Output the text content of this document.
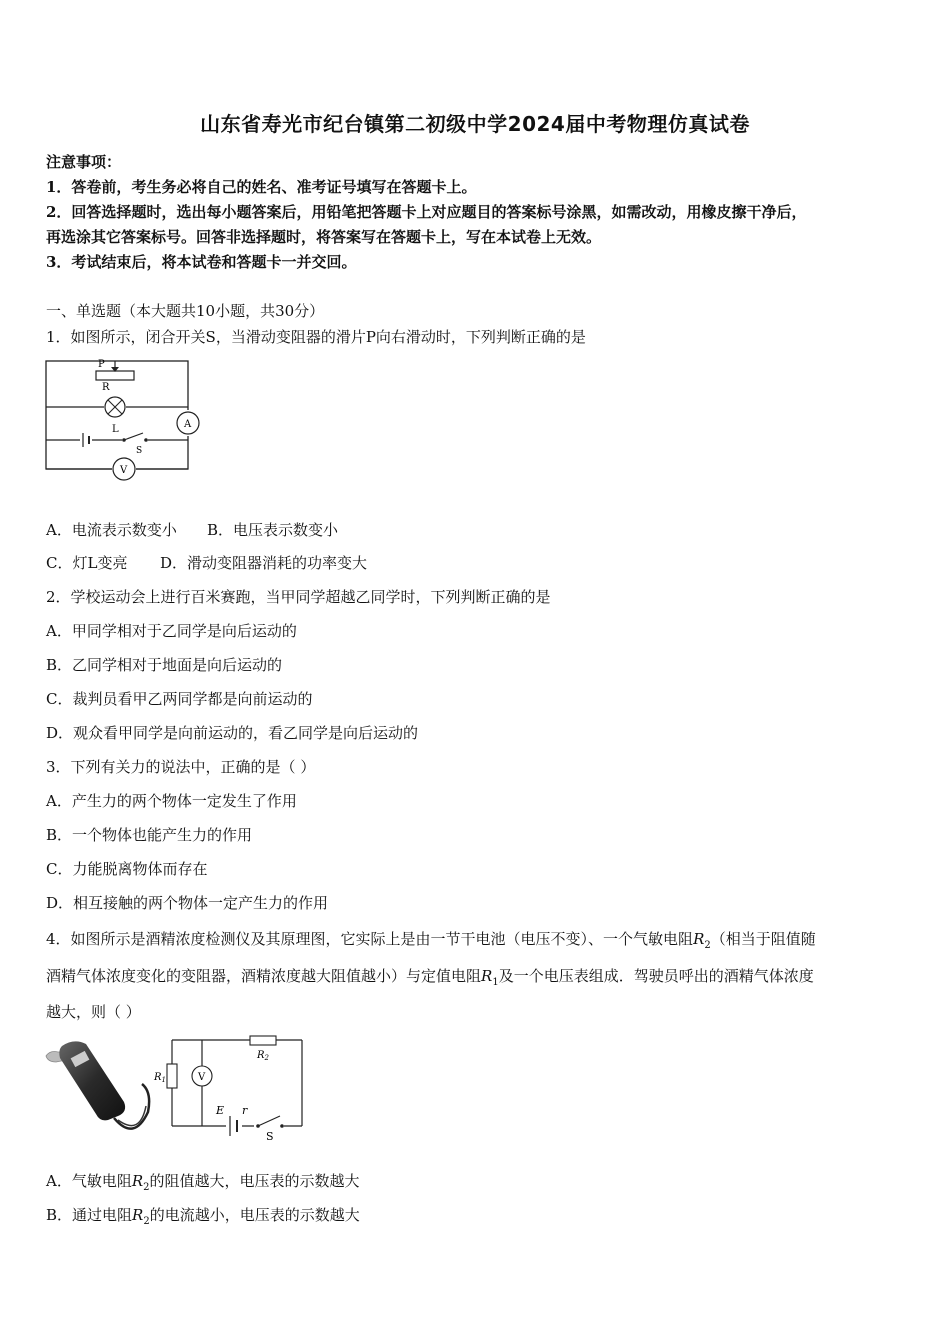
山东省寿光市纪台镇第二初级中学2024届中考物理仿真试卷
注意事项：
1．答卷前，考生务必将自己的姓名、准考证号填写在答题卡上。
2．回答选择题时，选出每小题答案后，用铅笔把答题卡上对应题目的答案标号涂黑，如需改动，用橡皮擦干净后，
再选涂其它答案标号。回答非选择题时，将答案写在答题卡上，写在本试卷上无效。
3．考试结束后，将本试卷和答题卡一并交回。
一、单选题（本大题共10小题，共30分）
1．如图所示，闭合开关S，当滑动变阻器的滑片P向右滑动时，下列判断正确的是
P
R
L	A
S
V
A．电流表示数变小 B．电压表示数变小
C．灯L变亮 D．滑动变阻器消耗的功率变大
2．学校运动会上进行百米赛跑，当甲同学超越乙同学时，下列判断正确的是
A．甲同学相对于乙同学是向后运动的
B．乙同学相对于地面是向后运动的
C．裁判员看甲乙两同学都是向前运动的
D．观众看甲同学是向前运动的，看乙同学是向后运动的
3．下列有关力的说法中，正确的是（ ）
A．产生力的两个物体一定发生了作用
B．一个物体也能产生力的作用
C．力能脱离物体而存在
D．相互接触的两个物体一定产生力的作用
4．如图所示是酒精浓度检测仪及其原理图，它实际上是由一节干电池（电压不变）、一个气敏电阻$R_2$（相当于阻值随
酒精气体浓度变化的变阻器，酒精浓度越大阻值越小）与定值电阻$R_1$及一个电压表组成．驾驶员呼出的酒精气体浓度
越大，则（ ）
$R_2$
$R_1$	V
E r
S
A．气敏电阻$R_2$的阻值越大，电压表的示数越大
B．通过电阻$R_2$的电流越小，电压表的示数越大
